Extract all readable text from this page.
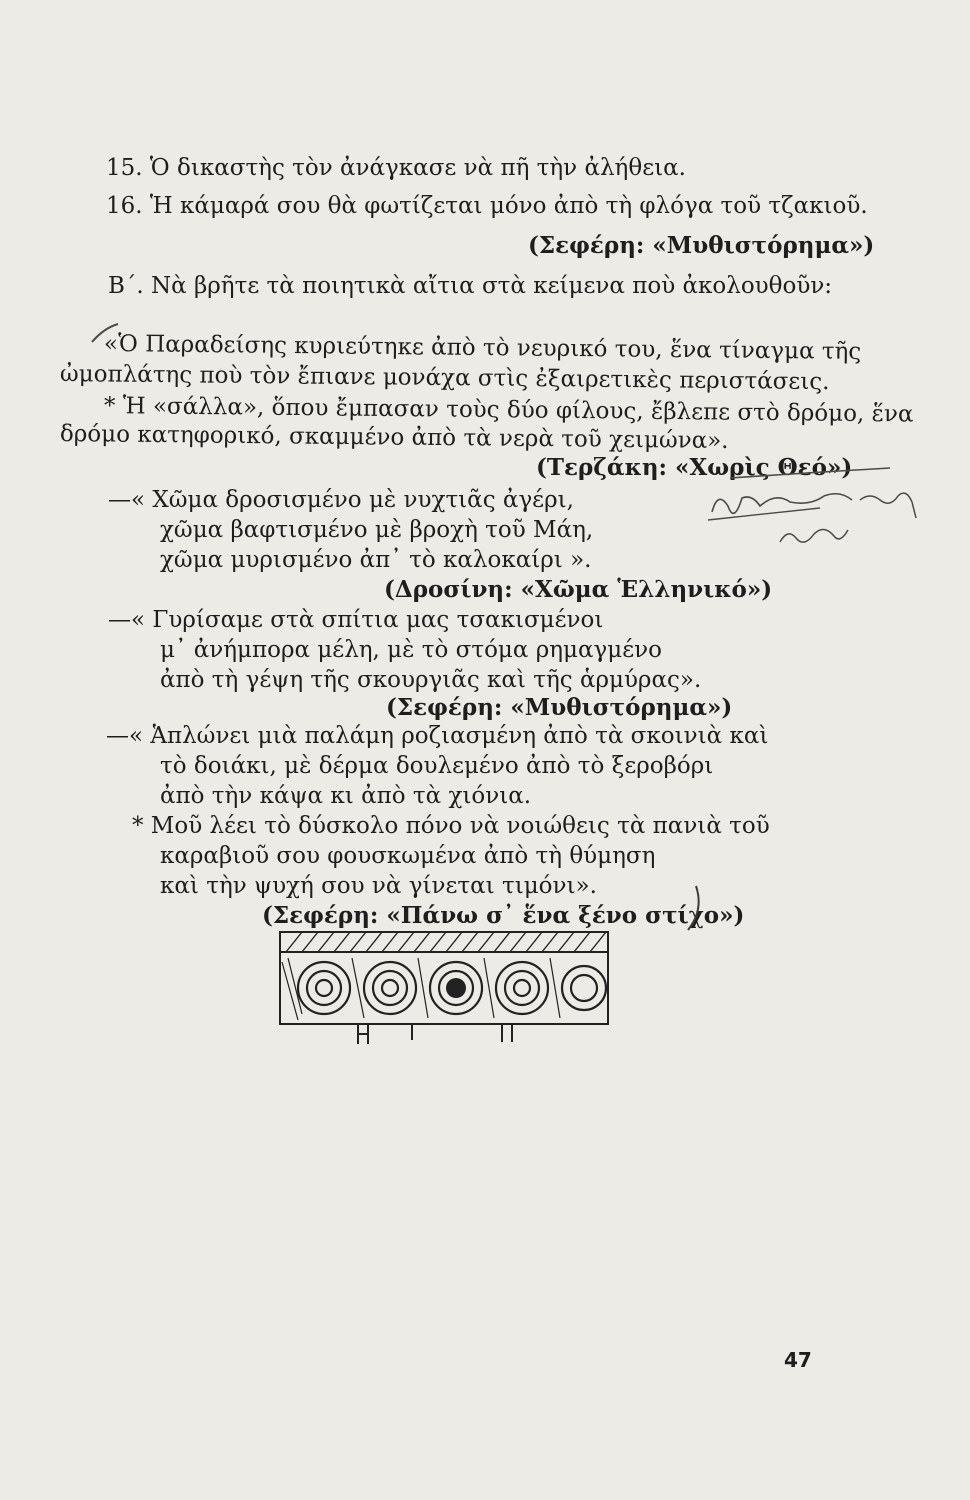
15. Ὁ δικαστὴς τὸν ἀνάγκασε νὰ πῆ τὴν ἀλήθεια.
16. Ἡ κάμαρά σου θὰ φωτίζεται μόνο ἀπὸ τὴ φλόγα τοῦ τζακιοῦ.
(Σεφέρη: «Μυθιστόρημα»)
Β΄. Νὰ βρῆτε τὰ ποιητικὰ αἴτια στὰ κείμενα ποὺ ἀκολουθοῦν:
«Ὁ Παραδείσης κυριεύτηκε ἀπὸ τὸ νευρικό του, ἕνα τίναγμα τῆς
ὠμοπλάτης ποὺ τὸν ἔπιανε μονάχα στὶς ἐξαιρετικὲς περιστάσεις.
* Ἡ «σάλλα», ὅπου ἔμπασαν τοὺς δύο φίλους, ἔβλεπε στὸ δρόμο, ἕνα
δρόμο κατηφορικό, σκαμμένο ἀπὸ τὰ νερὰ τοῦ χειμώνα».
(Τερζάκη: «Χωρὶς Θεό»)
—« Χῶμα δροσισμένο μὲ νυχτιᾶς ἀγέρι,
χῶμα βαφτισμένο μὲ βροχὴ τοῦ Μάη,
χῶμα μυρισμένο ἀπ᾿ τὸ καλοκαίρι ».
(Δροσίνη: «Χῶμα Ἑλληνικό»)
—« Γυρίσαμε στὰ σπίτια μας τσακισμένοι
μ᾿ ἀνήμπορα μέλη, μὲ τὸ στόμα ρημαγμένο
ἀπὸ τὴ γέψη τῆς σκουργιᾶς καὶ τῆς ἁρμύρας».
(Σεφέρη: «Μυθιστόρημα»)
—« Ἁπλώνει μιὰ παλάμη ροζιασμένη ἀπὸ τὰ σκοινιὰ καὶ
τὸ δοιάκι, μὲ δέρμα δουλεμένο ἀπὸ τὸ ξεροβόρι
ἀπὸ τὴν κάψα κι ἀπὸ τὰ χιόνια.
* Μοῦ λέει τὸ δύσκολο πόνο νὰ νοιώθεις τὰ πανιὰ τοῦ
καραβιοῦ σου φουσκωμένα ἀπὸ τὴ θύμηση
καὶ τὴν ψυχή σου νὰ γίνεται τιμόνι».
(Σεφέρη: «Πάνω σ᾿ ἕνα ξένο στίχο»)
47
